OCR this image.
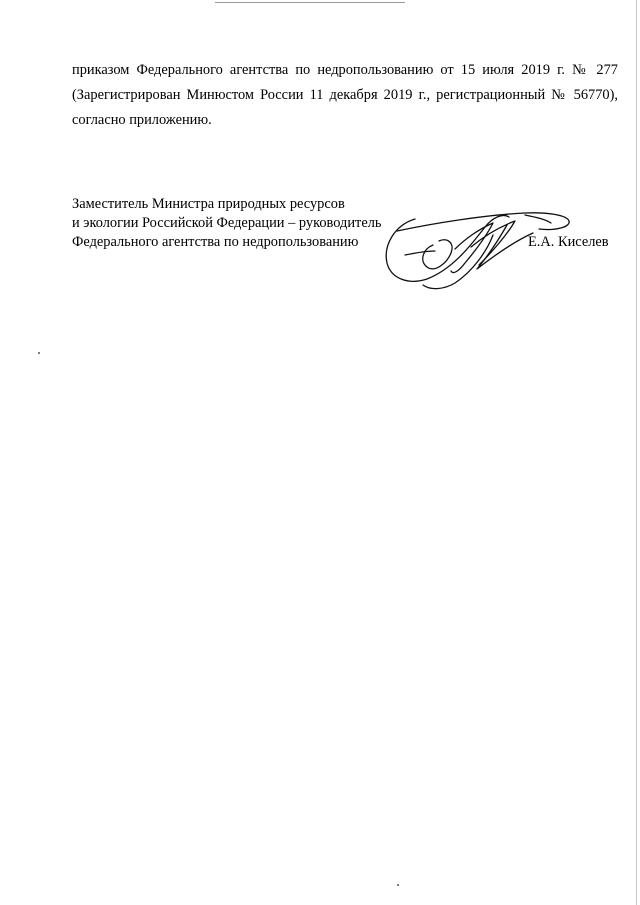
приказом Федерального агентства по недропользованию от 15 июля 2019 г. № 277
(Зарегистрирован Минюстом России 11 декабря 2019 г., регистрационный № 56770),
согласно приложению.

Заместитель Министра природных ресурсов
и экологии Российской Федерации – руководитель
Федерального агентства по недропользованию	Е.А. Киселев
